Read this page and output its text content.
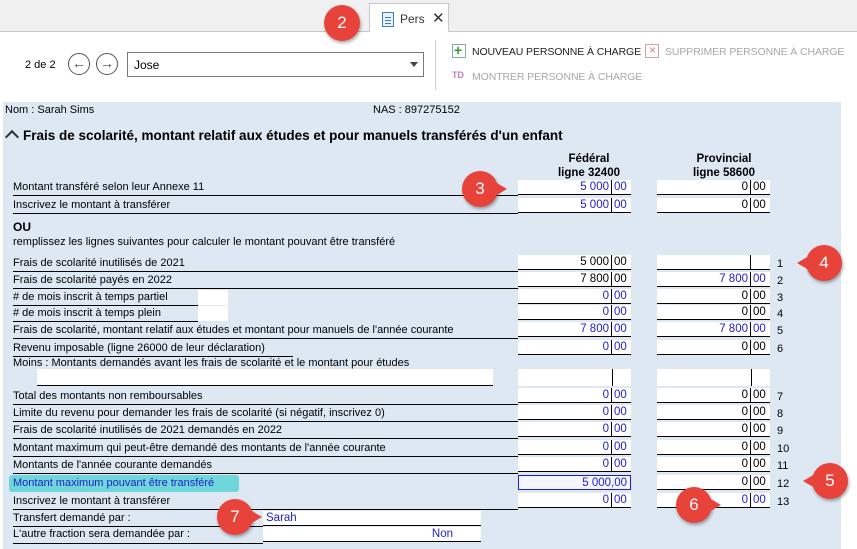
Pers ✕
2 de 2 ← →	Jose
+
NOUVEAU PERSONNE À CHARGE
× SUPPRIMER PERSONNE À CHARGE
TD
MONTRER PERSONNE À CHARGE
Nom : Sarah Sims	NAS : 897275152
Frais de scolarité, montant relatif aux études et pour manuels transférés d'un enfant
Fédéral
ligne 32400
Provincial
ligne 58600
Montant transféré selon leur Annexe 11	5 000 00	0 00
Inscrivez le montant à transférer	5 000 00	0 00
OU
remplissez les lignes suivantes pour calculer le montant pouvant être transféré
Frais de scolarité inutilisés de 2021	5 000 00	1
Frais de scolarité payés en 2022	7 800 00	7 800 00	2
# de mois inscrit à temps partiel	0 00	0 00	3
# de mois inscrit à temps plein	0 00	0 00	4
Frais de scolarité, montant relatif aux études et montant pour manuels de l'année courante	7 800 00	7 800 00	5
Revenu imposable (ligne 26000 de leur déclaration)	0 00	0 00	6
Moins : Montants demandés avant les frais de scolarité et le montant pour études
Total des montants non remboursables	0 00	0 00	7
Limite du revenu pour demander les frais de scolarité (si négatif, inscrivez 0)	0 00	0 00	8
Frais de scolarité inutilisés de 2021 demandés en 2022	0 00	0 00	9
Montant maximum qui peut-être demandé des montants de l'année courante	0 00	0 00	10
Montants de l'année courante demandés	0 00	0 00	11
Montant maximum pouvant être transféré	5 000,00	0 00	12
Inscrivez le montant à transférer	0 00	0 00	13
Transfert demandé par :	Sarah
L'autre fraction sera demandée par :	Non
2
3
4
5
6
7
